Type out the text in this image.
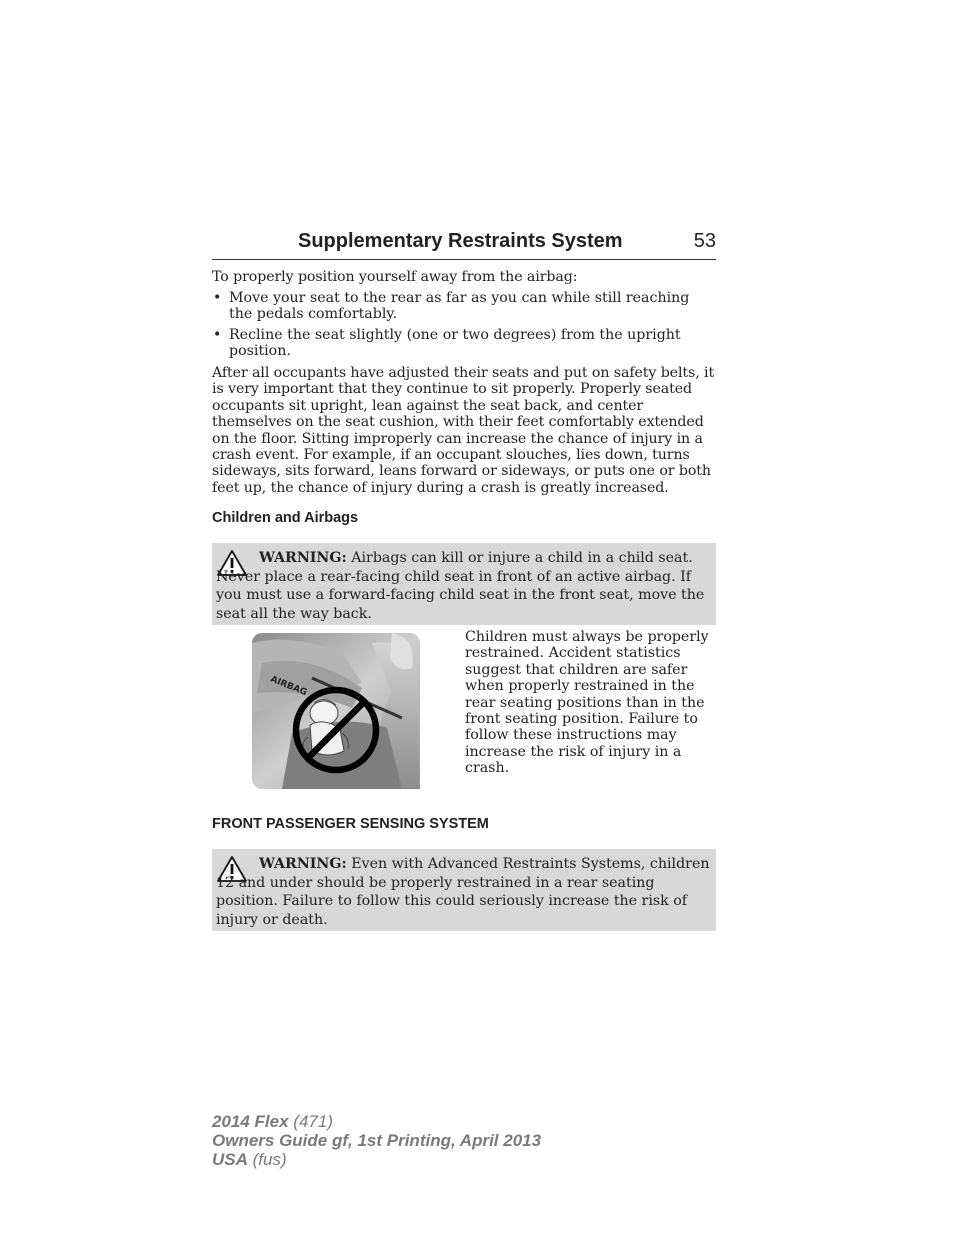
Supplementary Restraints System	53
To properly position yourself away from the airbag:
• Move your seat to the rear as far as you can while still reaching the pedals comfortably.
• Recline the seat slightly (one or two degrees) from the upright position.
After all occupants have adjusted their seats and put on safety belts, it is very important that they continue to sit properly. Properly seated occupants sit upright, lean against the seat back, and center themselves on the seat cushion, with their feet comfortably extended on the floor. Sitting improperly can increase the chance of injury in a crash event. For example, if an occupant slouches, lies down, turns sideways, sits forward, leans forward or sideways, or puts one or both feet up, the chance of injury during a crash is greatly increased.
Children and Airbags
WARNING: Airbags can kill or injure a child in a child seat. Never place a rear-facing child seat in front of an active airbag. If you must use a forward-facing child seat in the front seat, move the seat all the way back.
AIRBAG
Children must always be properly restrained. Accident statistics suggest that children are safer when properly restrained in the rear seating positions than in the front seating position. Failure to follow these instructions may increase the risk of injury in a crash.
FRONT PASSENGER SENSING SYSTEM
WARNING: Even with Advanced Restraints Systems, children 12 and under should be properly restrained in a rear seating position. Failure to follow this could seriously increase the risk of injury or death.
2014 Flex (471)
Owners Guide gf, 1st Printing, April 2013
USA (fus)
